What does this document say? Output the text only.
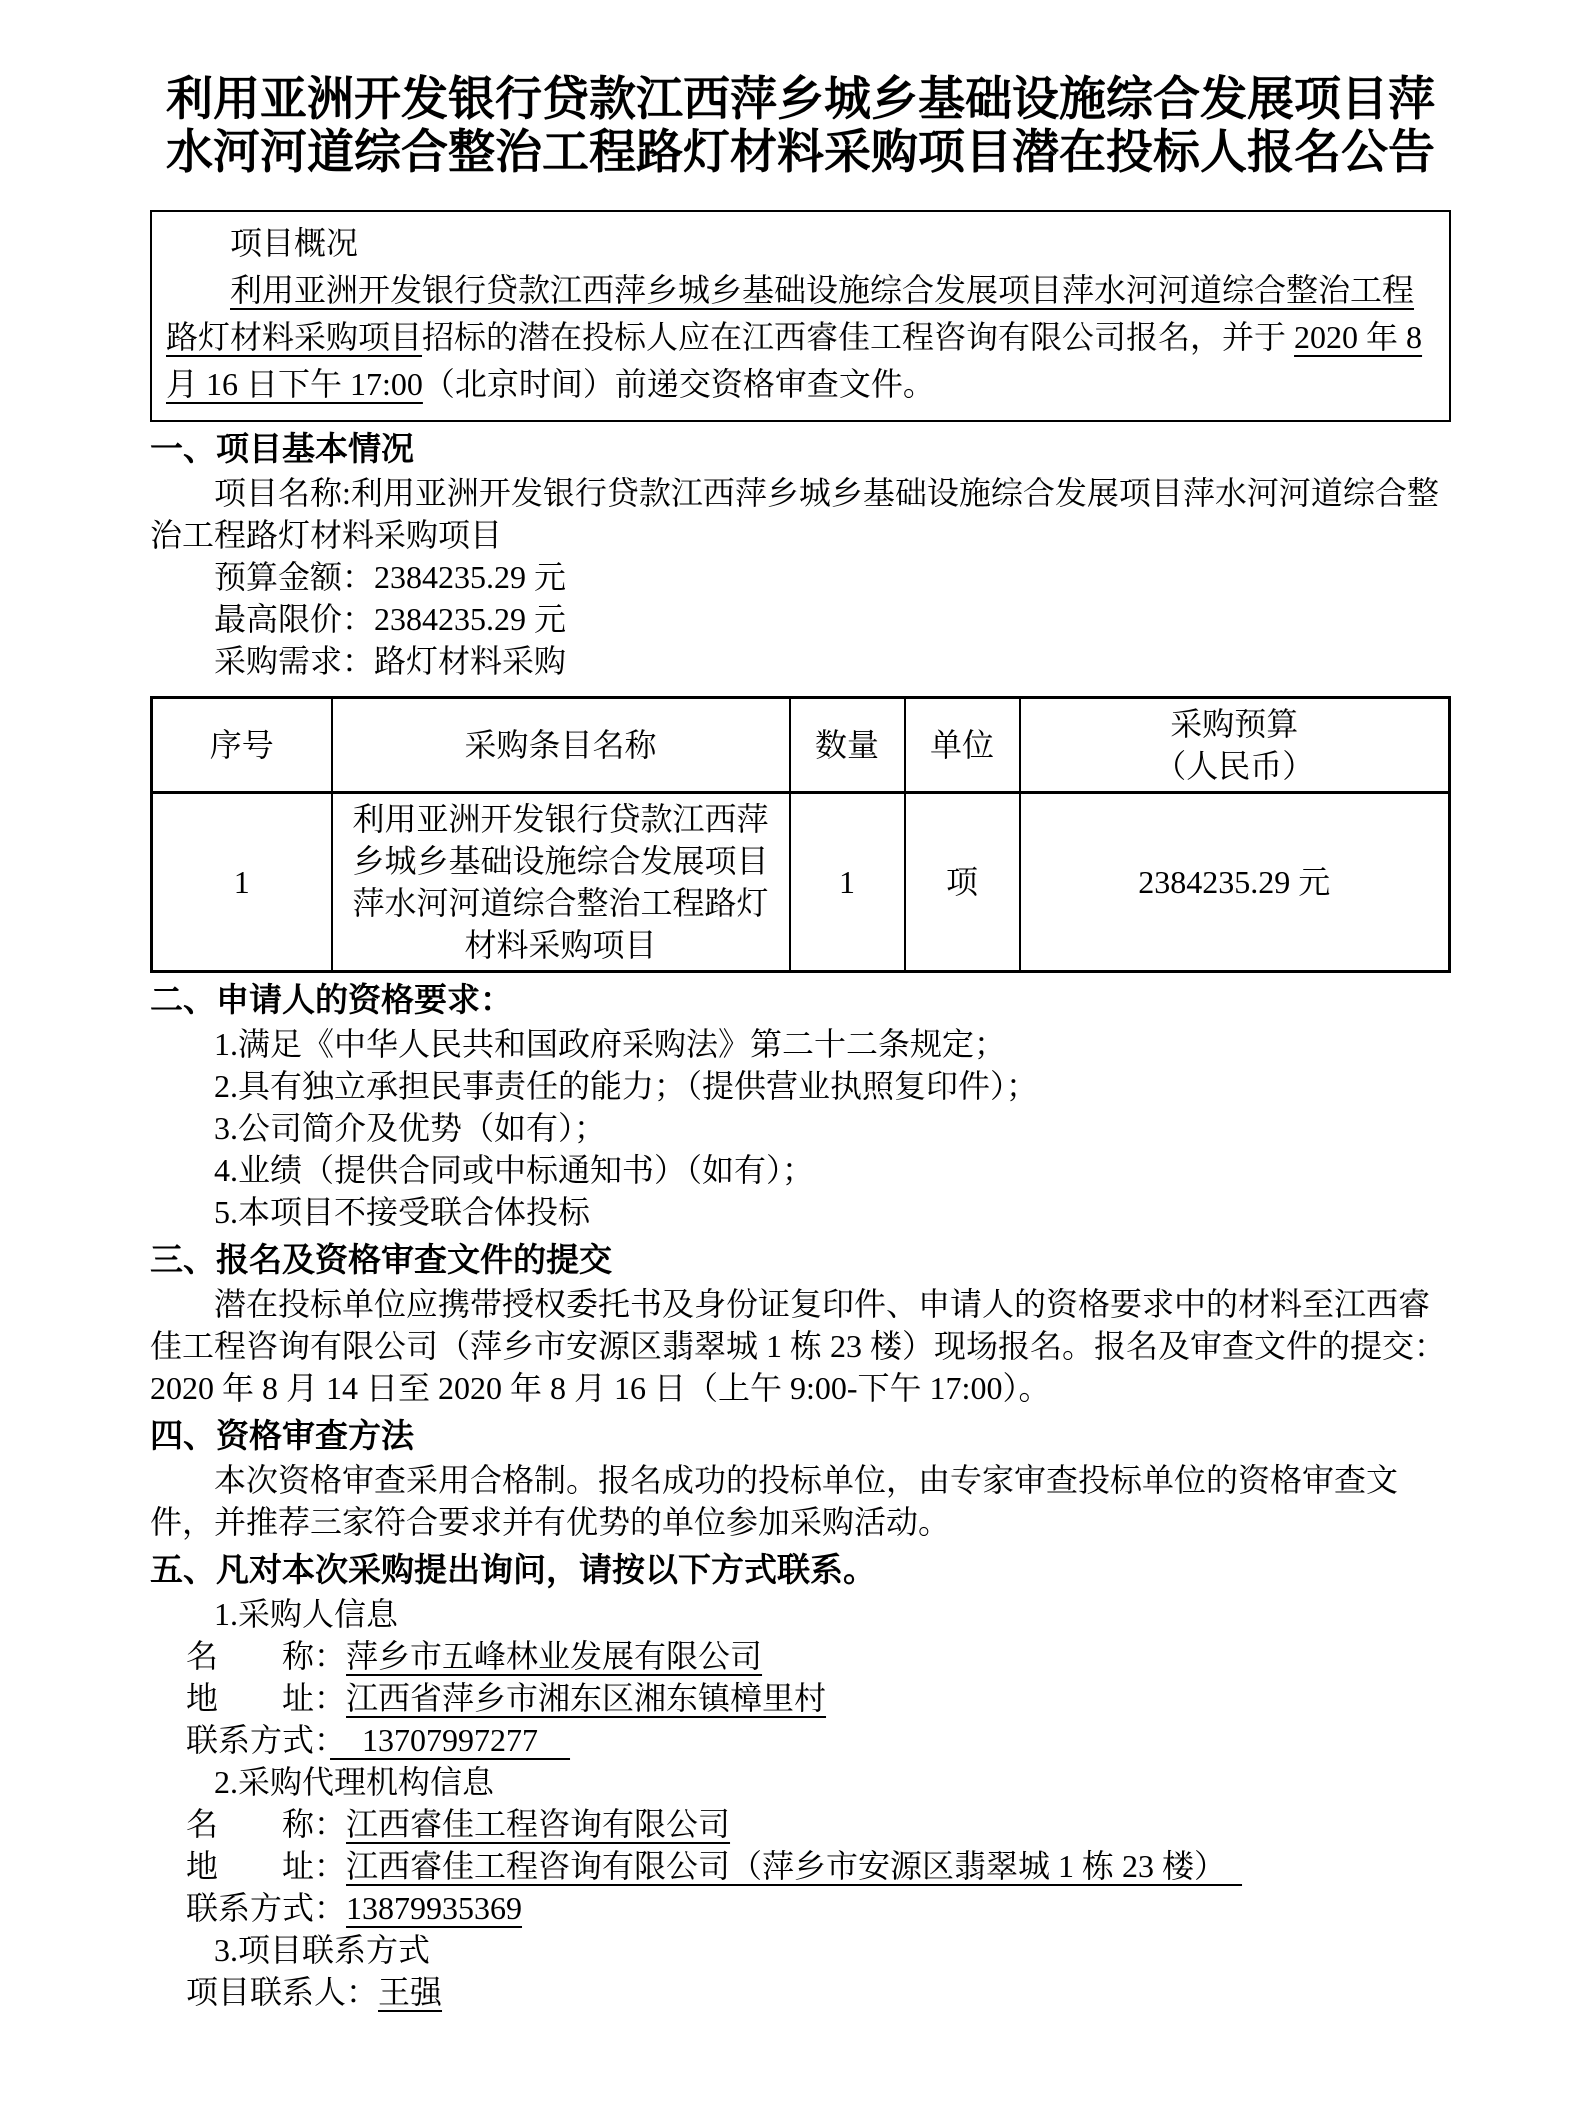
利用亚洲开发银行贷款江西萍乡城乡基础设施综合发展项目萍水河河道综合整治工程路灯材料采购项目潜在投标人报名公告
项目概况
利用亚洲开发银行贷款江西萍乡城乡基础设施综合发展项目萍水河河道综合整治工程路灯材料采购项目招标的潜在投标人应在江西睿佳工程咨询有限公司报名，并于 2020 年 8 月 16 日下午 17:00（北京时间）前递交资格审查文件。
一、项目基本情况
项目名称:利用亚洲开发银行贷款江西萍乡城乡基础设施综合发展项目萍水河河道综合整治工程路灯材料采购项目
预算金额：2384235.29 元
最高限价：2384235.29 元
采购需求：路灯材料采购
序号	采购条目名称	数量	单位	采购预算
（人民币）

1	利用亚洲开发银行贷款江西萍乡城乡基础设施综合发展项目萍水河河道综合整治工程路灯材料采购项目	1	项	2384235.29 元
二、申请人的资格要求：
1.满足《中华人民共和国政府采购法》第二十二条规定；
2.具有独立承担民事责任的能力；（提供营业执照复印件）；
3.公司简介及优势（如有）；
4.业绩（提供合同或中标通知书）（如有）；
5.本项目不接受联合体投标
三、报名及资格审查文件的提交
潜在投标单位应携带授权委托书及身份证复印件、申请人的资格要求中的材料至江西睿佳工程咨询有限公司（萍乡市安源区翡翠城 1 栋 23 楼）现场报名。报名及审查文件的提交：2020 年 8 月 14 日至 2020 年 8 月 16 日（上午 9:00-下午 17:00）。
四、资格审查方法
本次资格审查采用合格制。报名成功的投标单位，由专家审查投标单位的资格审查文件，并推荐三家符合要求并有优势的单位参加采购活动。
五、凡对本次采购提出询问，请按以下方式联系。
1.采购人信息
名　　称：萍乡市五峰林业发展有限公司
地　　址：江西省萍乡市湘东区湘东镇樟里村
联系方式：　13707997277　
2.采购代理机构信息
名　　称：江西睿佳工程咨询有限公司
地　　址：江西睿佳工程咨询有限公司（萍乡市安源区翡翠城 1 栋 23 楼）　
联系方式：13879935369
3.项目联系方式
项目联系人：王强
